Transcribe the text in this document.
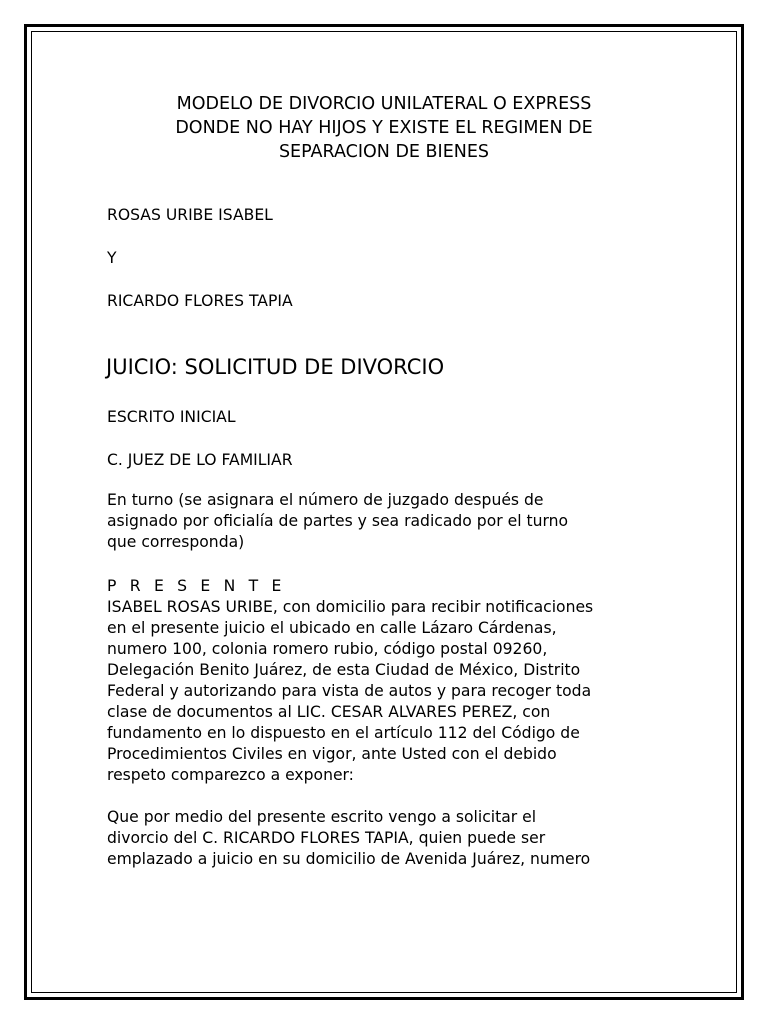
MODELO DE DIVORCIO UNILATERAL O EXPRESS
DONDE NO HAY HIJOS Y EXISTE EL REGIMEN DE
SEPARACION DE BIENES

ROSAS URIBE ISABEL

Y

RICARDO FLORES TAPIA

JUICIO: SOLICITUD DE DIVORCIO

ESCRITO INICIAL

C. JUEZ DE LO FAMILIAR

En turno (se asignara el número de juzgado después de
asignado por oficialía de partes y sea radicado por el turno
que corresponda)

P R E S E N T E

ISABEL ROSAS URIBE, con domicilio para recibir notificaciones
en el presente juicio el ubicado en calle Lázaro Cárdenas,
numero 100, colonia romero rubio, código postal 09260,
Delegación Benito Juárez, de esta Ciudad de México, Distrito
Federal y autorizando para vista de autos y para recoger toda
clase de documentos al LIC. CESAR ALVARES PEREZ, con
fundamento en lo dispuesto en el artículo 112 del Código de
Procedimientos Civiles en vigor, ante Usted con el debido
respeto comparezco a exponer:
Que por medio del presente escrito vengo a solicitar el
divorcio del C. RICARDO FLORES TAPIA, quien puede ser
emplazado a juicio en su domicilio de Avenida Juárez, numero
